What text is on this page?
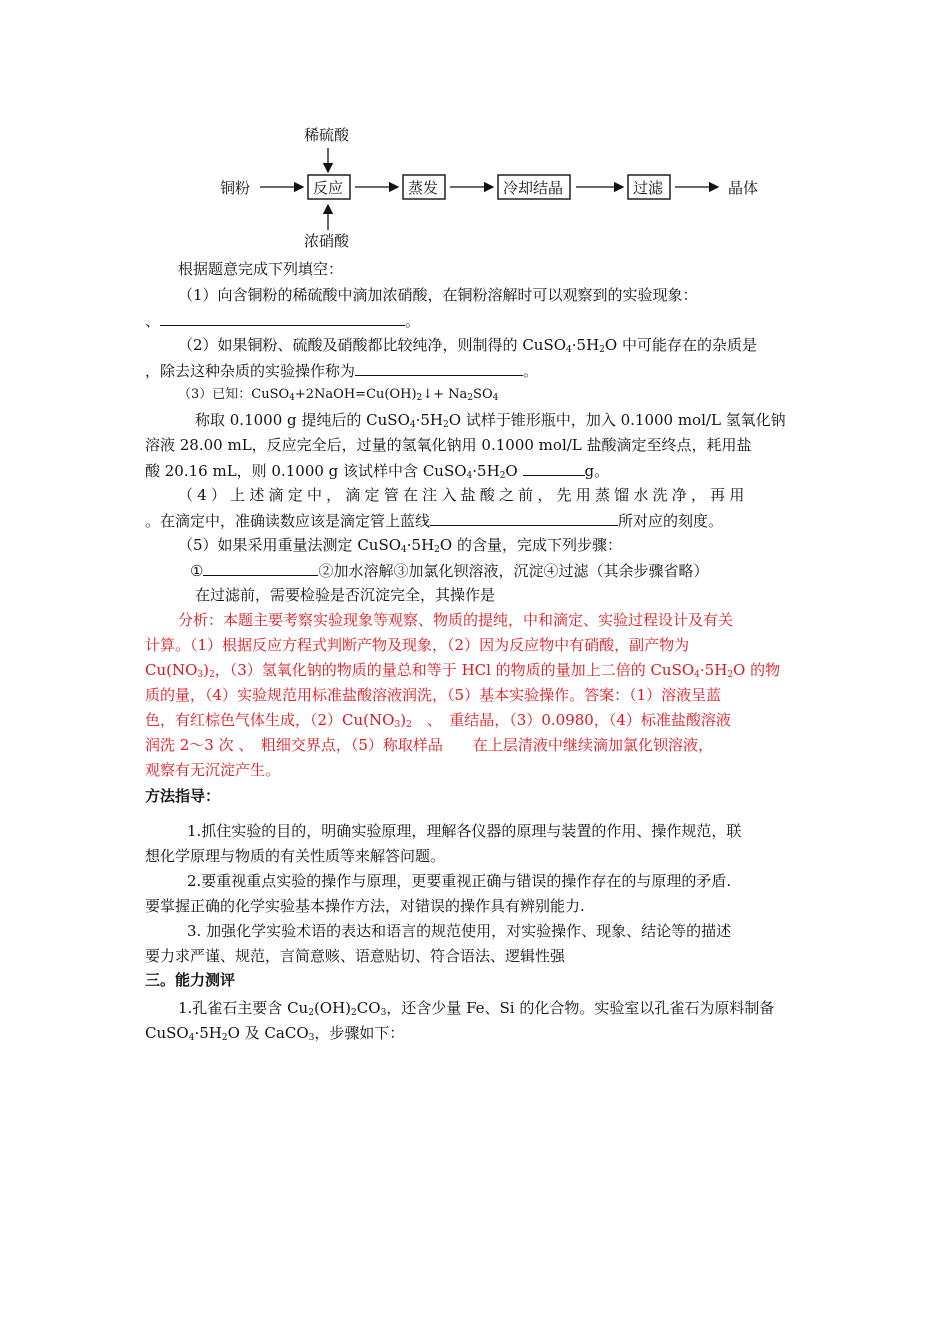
稀硫酸
铜粉	反应	蒸发	冷却结晶	过滤	晶体
浓硝酸
根据题意完成下列填空：
（1）向含铜粉的稀硫酸中滴加浓硝酸，在铜粉溶解时可以观察到的实验现象：
、	。
（2）如果铜粉、硫酸及硝酸都比较纯净，则制得的 $CuSO_4\cdot 5H_2O$ 中可能存在的杂质是
，除去这种杂质的实验操作称为	。
（3）已知：$CuSO_4+2NaOH=Cu(OH)_2↓+ Na_2SO_4$
称取 0.1000 g 提纯后的 $CuSO_4\cdot 5H_2O$ 试样于锥形瓶中，加入 0.1000 mol/L 氢氧化钠
溶液 28.00 mL，反应完全后，过量的氢氧化钠用 0.1000 mol/L 盐酸滴定至终点，耗用盐
酸 20.16 mL，则 0.1000 g 该试样中含 $CuSO_4\cdot 5H_2O$	g。
（4）上述滴定中，滴定管在注入盐酸之前，先用蒸馏水洗净，再用
。在滴定中，准确读数应该是滴定管上蓝线	所对应的刻度。
（5）如果采用重量法测定 $CuSO_4\cdot 5H_2O$ 的含量，完成下列步骤：
①	②加水溶解③加氯化钡溶液，沉淀④过滤（其余步骤省略）
在过滤前，需要检验是否沉淀完全，其操作是
分析：本题主要考察实验现象等观察、物质的提纯，中和滴定、实验过程设计及有关
计算。（1）根据反应方程式判断产物及现象，（2）因为反应物中有硝酸，副产物为
$Cu(NO_3)_2$，（3）氢氧化钠的物质的量总和等于 HCl 的物质的量加上二倍的 $CuSO_4\cdot 5H_2O$ 的物
质的量，（4）实验规范用标准盐酸溶液润洗，（5）基本实验操作。答案：（1）溶液呈蓝
色，有红棕色气体生成，$(2)Cu(NO_3)_2$　、　重结晶，（3）0.0980，（4）标准盐酸溶液
润洗 2～3 次 、　粗细交界点，（5）称取样品　　在上层清液中继续滴加氯化钡溶液，
观察有无沉淀产生。
方法指导：
1.抓住实验的目的，明确实验原理，理解各仪器的原理与装置的作用、操作规范，联
想化学原理与物质的有关性质等来解答问题。
2.要重视重点实验的操作与原理，更要重视正确与错误的操作存在的与原理的矛盾.
要掌握正确的化学实验基本操作方法，对错误的操作具有辨别能力.
3. 加强化学实验术语的表达和语言的规范使用，对实验操作、现象、结论等的描述
要力求严谨、规范，言简意赅、语意贴切、符合语法、逻辑性强
三。能力测评
1.孔雀石主要含 $Cu_2(OH)_2CO_3$，还含少量 Fe、Si 的化合物。实验室以孔雀石为原料制备
$CuSO_4\cdot 5H_2O$ 及 CaCO$_3$，步骤如下：
